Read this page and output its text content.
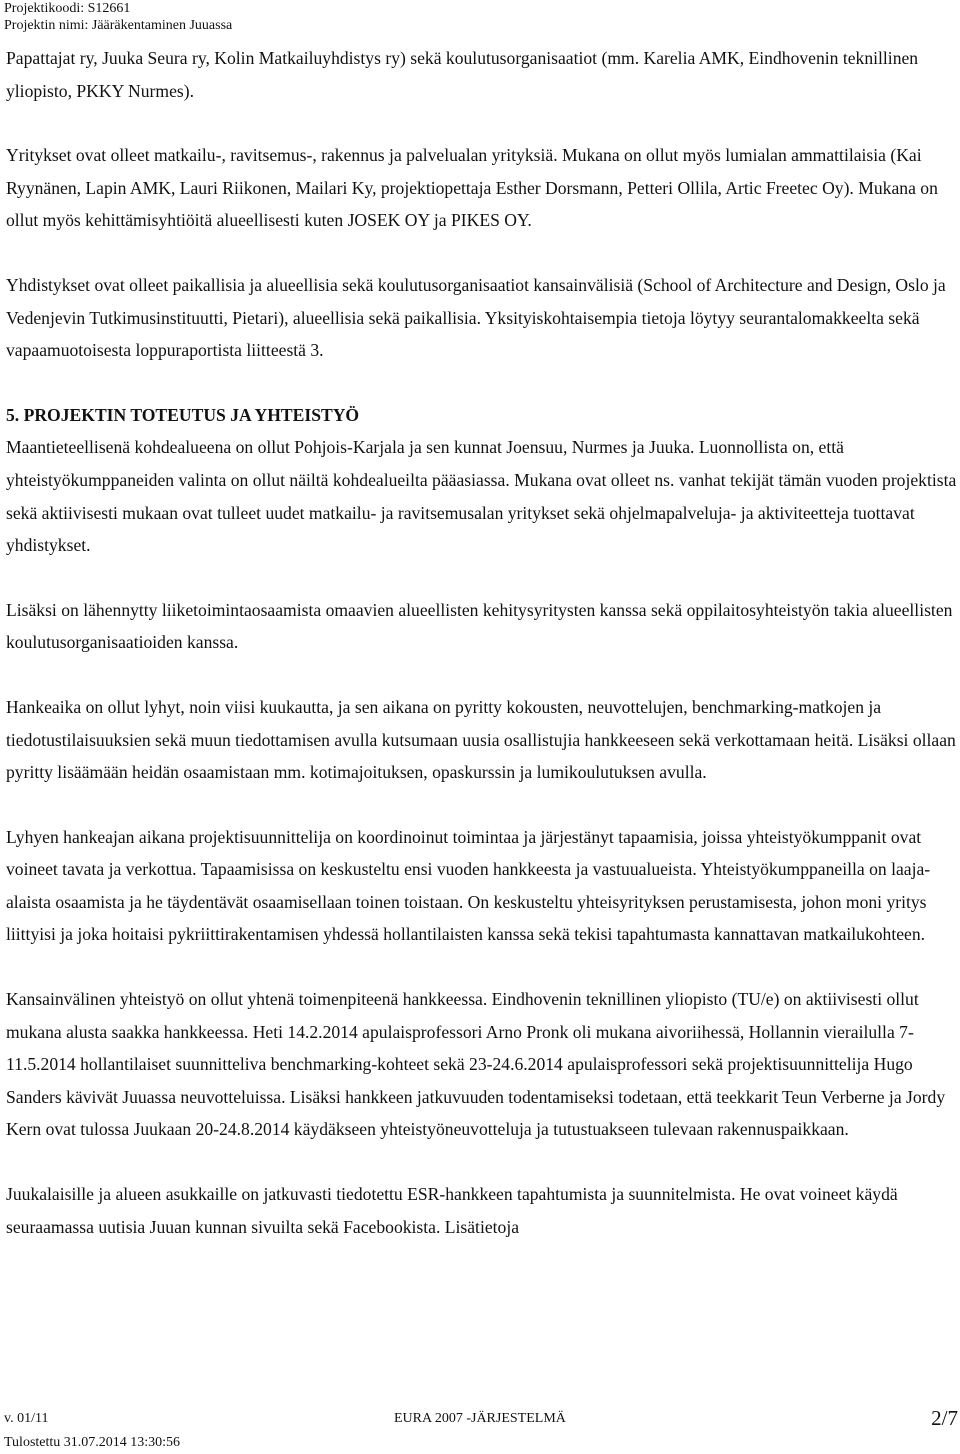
Projektikoodi: S12661
Projektin nimi: Jääräkentaminen Juuassa

Papattajat ry, Juuka Seura ry, Kolin Matkailuyhdistys ry) sekä koulutusorganisaatiot (mm. Karelia AMK, Eindhovenin teknillinen yliopisto, PKKY Nurmes).

Yritykset ovat olleet matkailu-, ravitsemus-, rakennus ja palvelualan yrityksiä. Mukana on ollut myös lumialan ammattilaisia (Kai Ryynänen, Lapin AMK, Lauri Riikonen, Mailari Ky, projektiopettaja Esther Dorsmann, Petteri Ollila, Artic Freetec Oy). Mukana on ollut myös kehittämisyhtiöitä alueellisesti kuten JOSEK OY ja PIKES OY.

Yhdistykset ovat olleet paikallisia ja alueellisia sekä koulutusorganisaatiot kansainvälisiä (School of Architecture and Design, Oslo ja Vedenjevin Tutkimusinstituutti, Pietari), alueellisia sekä paikallisia. Yksityiskohtaisempia tietoja löytyy seurantalomakkeelta sekä vapaamuotoisesta loppuraportista liitteestä 3.

5. PROJEKTIN TOTEUTUS JA YHTEISTYÖ

Maantieteellisenä kohdealueena on ollut Pohjois-Karjala ja sen kunnat Joensuu, Nurmes ja Juuka. Luonnollista on, että yhteistyökumppaneiden valinta on ollut näiltä kohdealueilta pääasiassa. Mukana ovat olleet ns. vanhat tekijät tämän vuoden projektista sekä aktiivisesti mukaan ovat tulleet uudet matkailu- ja ravitsemusalan yritykset sekä ohjelmapalveluja- ja aktiviteetteja tuottavat yhdistykset.

Lisäksi on lähennytty liiketoimintaosaamista omaavien alueellisten kehitysyritysten kanssa sekä oppilaitosyhteistyön takia alueellisten koulutusorganisaatioiden kanssa.

Hankeaika on ollut lyhyt, noin viisi kuukautta, ja sen aikana on pyritty kokousten, neuvottelujen, benchmarking-matkojen ja tiedotustilaisuuksien sekä muun tiedottamisen avulla kutsumaan uusia osallistujia hankkeeseen sekä verkottamaan heitä. Lisäksi ollaan pyritty lisäämään heidän osaamistaan mm. kotimajoituksen, opaskurssin ja lumikoulutuksen avulla.

Lyhyen hankeajan aikana projektisuunnittelija on koordinoinut toimintaa ja järjestänyt tapaamisia, joissa yhteistyökumppanit ovat voineet tavata ja verkottua. Tapaamisissa on keskusteltu ensi vuoden hankkeesta ja vastuualueista. Yhteistyökumppaneilla on laaja-alaista osaamista ja he täydentävät osaamisellaan toinen toistaan. On keskusteltu yhteisyrityksen perustamisesta, johon moni yritys liittyisi ja joka hoitaisi pykriittirakentamisen yhdessä hollantilaisten kanssa sekä tekisi tapahtumasta kannattavan matkailukohteen.

Kansainvälinen yhteistyö on ollut yhtenä toimenpiteenä hankkeessa. Eindhovenin teknillinen yliopisto (TU/e) on aktiivisesti ollut mukana alusta saakka hankkeessa. Heti 14.2.2014 apulaisprofessori Arno Pronk oli mukana aivoriihessä, Hollannin vierailulla 7-11.5.2014 hollantilaiset suunnitteliva benchmarking-kohteet sekä 23-24.6.2014 apulaisprofessori sekä projektisuunnittelija Hugo Sanders kävivät Juuassa neuvotteluissa. Lisäksi hankkeen jatkuvuuden todentamiseksi todetaan, että teekkarit Teun Verberne ja Jordy Kern ovat tulossa Juukaan 20-24.8.2014 käydäkseen yhteistyöneuvotteluja ja tutustuakseen tulevaan rakennuspaikkaan.

Juukalaisille ja alueen asukkaille on jatkuvasti tiedotettu ESR-hankkeen tapahtumista ja suunnitelmista. He ovat voineet käydä seuraamassa uutisia Juuan kunnan sivuilta sekä Facebookista. Lisätietoja

v. 01/11	EURA 2007 -JÄRJESTELMÄ	2/7
Tulostettu 31.07.2014 13:30:56
